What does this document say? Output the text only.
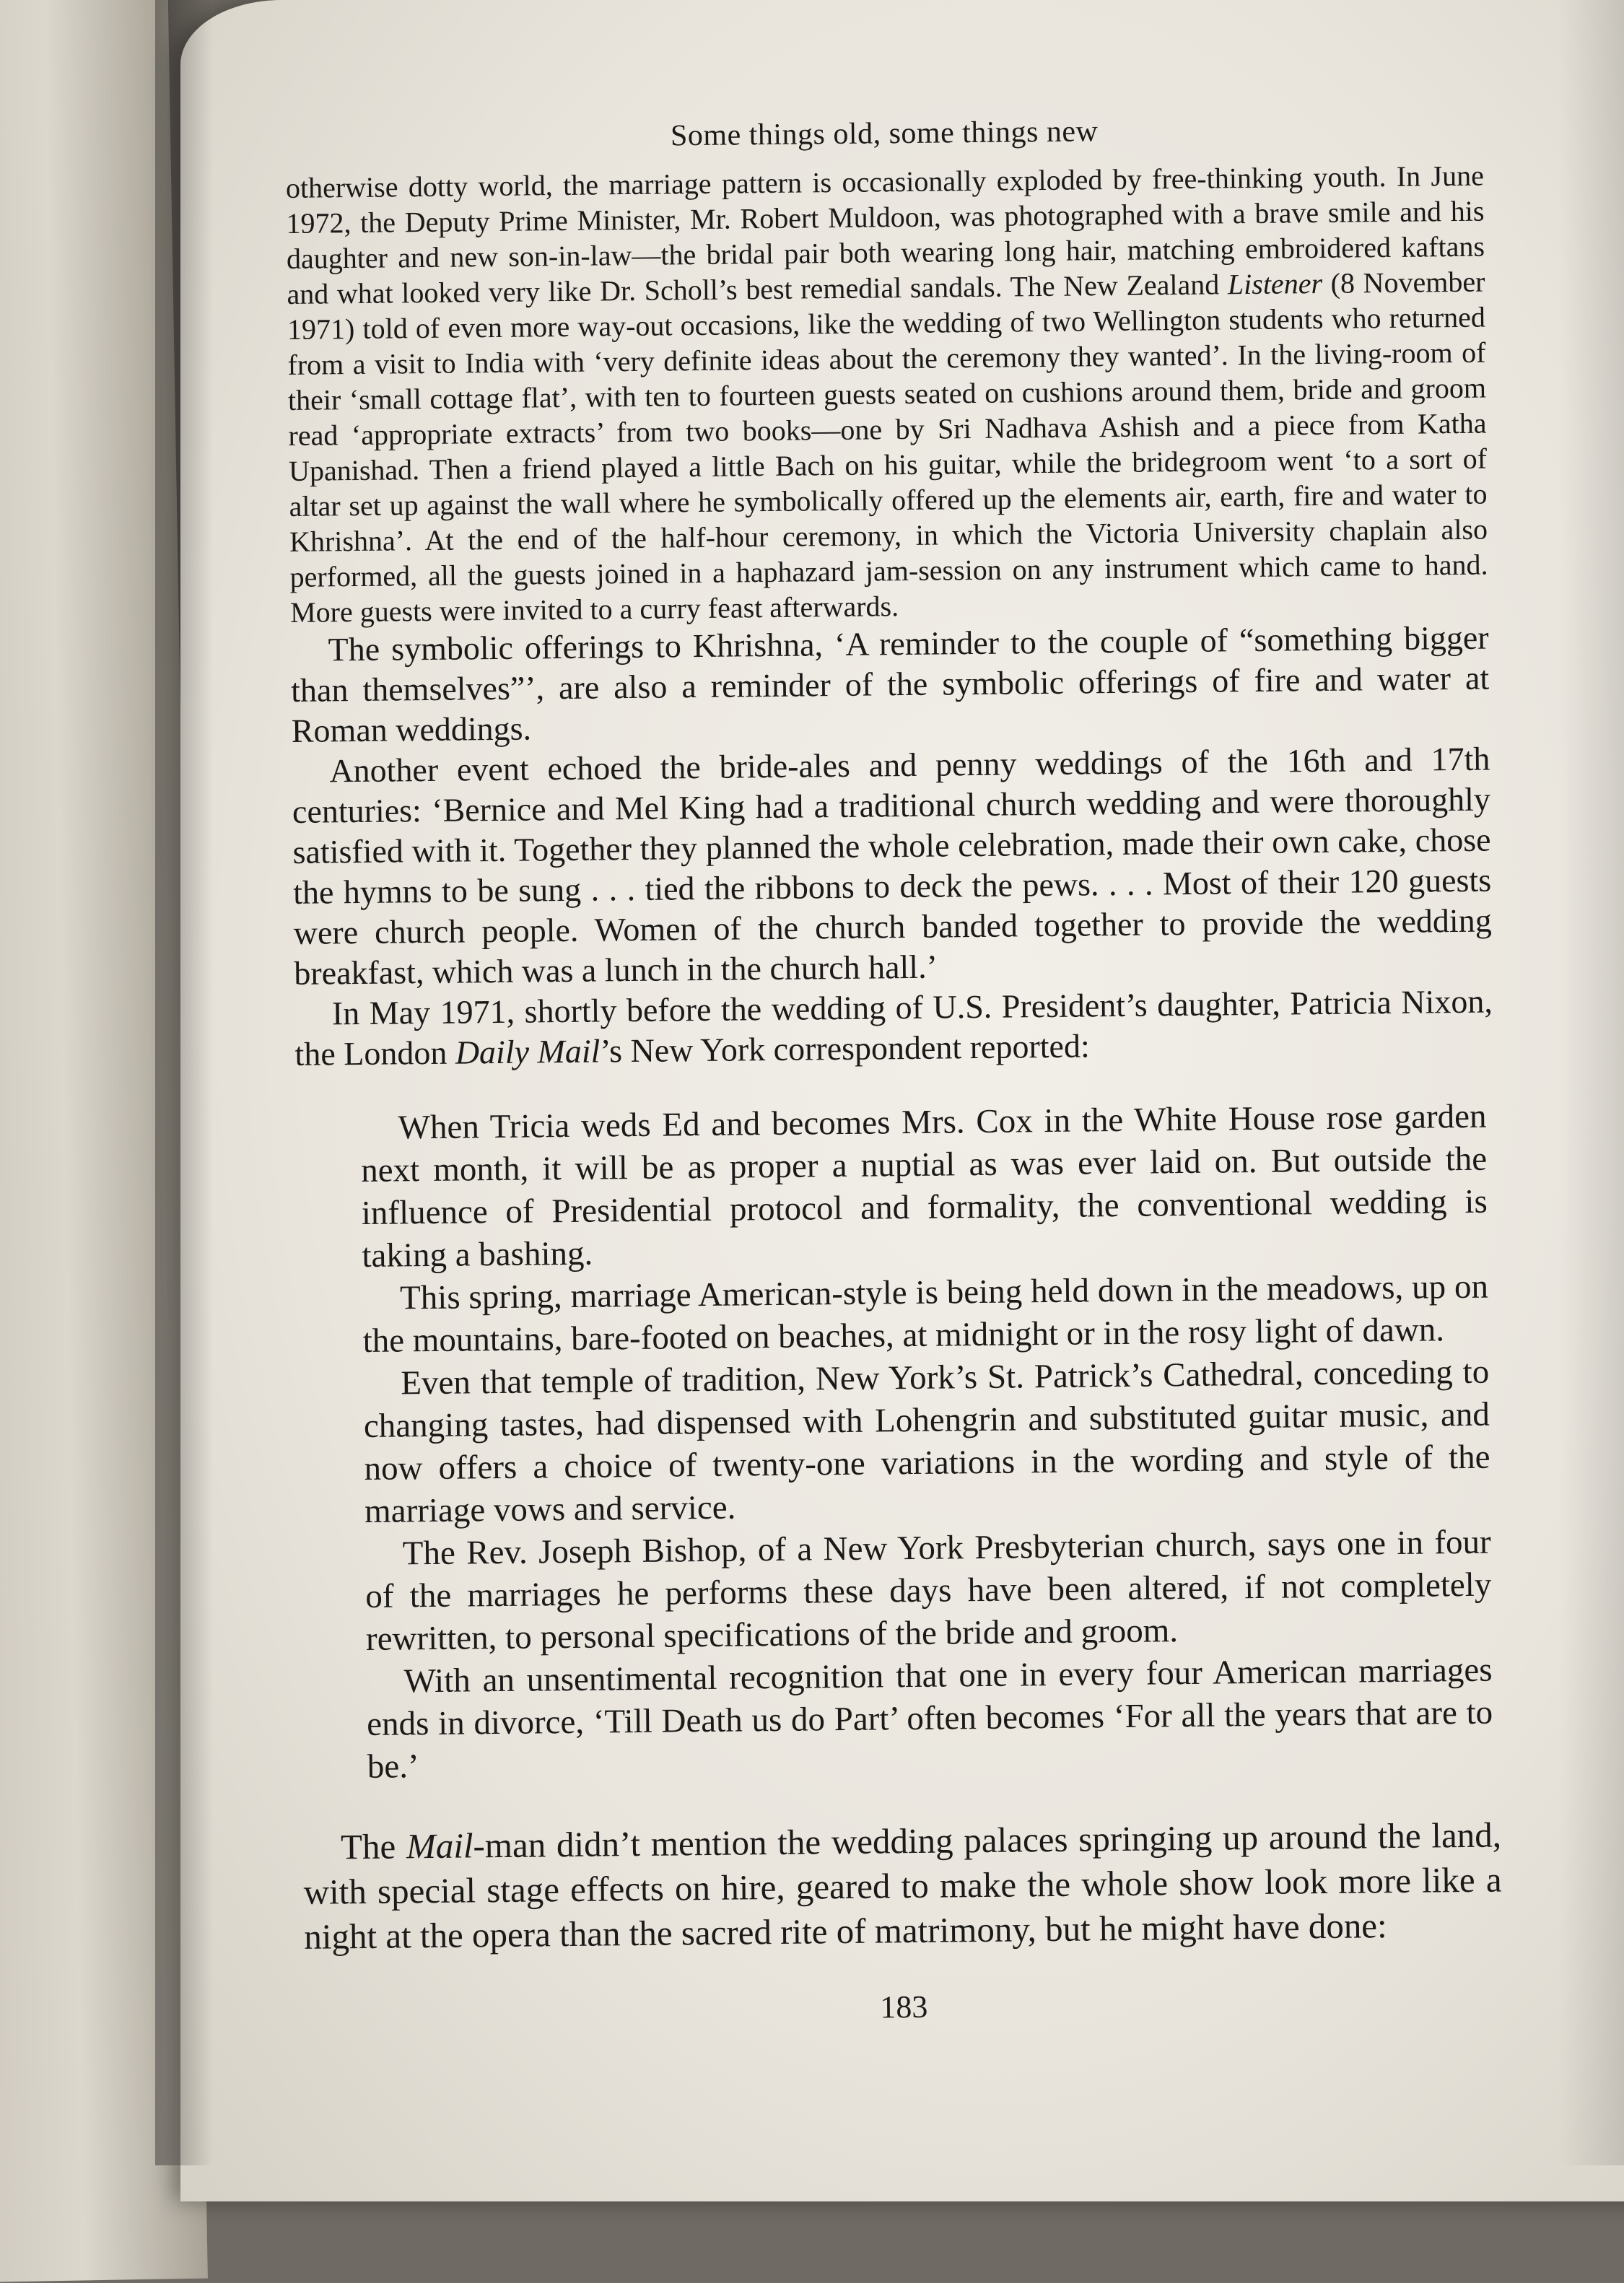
Some things old, some things new

otherwise dotty world, the marriage pattern is occasionally exploded by free-thinking youth. In June 1972, the Deputy Prime Minister, Mr. Robert Muldoon, was photographed with a brave smile and his daughter and new son-in-law—the bridal pair both wearing long hair, matching embroidered kaftans and what looked very like Dr. Scholl’s best remedial sandals. The New Zealand Listener (8 November 1971) told of even more way-out occasions, like the wedding of two Wellington students who returned from a visit to India with ‘very definite ideas about the ceremony they wanted’. In the living-room of their ‘small cottage flat’, with ten to fourteen guests seated on cushions around them, bride and groom read ‘appropriate extracts’ from two books—one by Sri Nadhava Ashish and a piece from Katha Upanishad. Then a friend played a little Bach on his guitar, while the bridegroom went ‘to a sort of altar set up against the wall where he symbolically offered up the elements air, earth, fire and water to Khrishna’. At the end of the half-hour ceremony, in which the Victoria University chaplain also performed, all the guests joined in a haphazard jam-session on any instrument which came to hand. More guests were invited to a curry feast afterwards.

The symbolic offerings to Khrishna, ‘A reminder to the couple of “something bigger than themselves”’, are also a reminder of the symbolic offerings of fire and water at Roman weddings.

Another event echoed the bride-ales and penny weddings of the 16th and 17th centuries: ‘Bernice and Mel King had a traditional church wedding and were thoroughly satisfied with it. Together they planned the whole celebration, made their own cake, chose the hymns to be sung . . . tied the ribbons to deck the pews. . . . Most of their 120 guests were church people. Women of the church banded together to provide the wedding breakfast, which was a lunch in the church hall.’

In May 1971, shortly before the wedding of U.S. President’s daughter, Patricia Nixon, the London Daily Mail’s New York correspondent reported:

When Tricia weds Ed and becomes Mrs. Cox in the White House rose garden next month, it will be as proper a nuptial as was ever laid on. But outside the influence of Presidential protocol and formality, the conventional wedding is taking a bashing.

This spring, marriage American-style is being held down in the meadows, up on the mountains, bare-footed on beaches, at midnight or in the rosy light of dawn.

Even that temple of tradition, New York’s St. Patrick’s Cathedral, conceding to changing tastes, had dispensed with Lohengrin and substituted guitar music, and now offers a choice of twenty-one variations in the wording and style of the marriage vows and service.

The Rev. Joseph Bishop, of a New York Presbyterian church, says one in four of the marriages he performs these days have been altered, if not completely rewritten, to personal specifications of the bride and groom.

With an unsentimental recognition that one in every four American marriages ends in divorce, ‘Till Death us do Part’ often becomes ‘For all the years that are to be.’

The Mail-man didn’t mention the wedding palaces springing up around the land, with special stage effects on hire, geared to make the whole show look more like a night at the opera than the sacred rite of matrimony, but he might have done:

183
